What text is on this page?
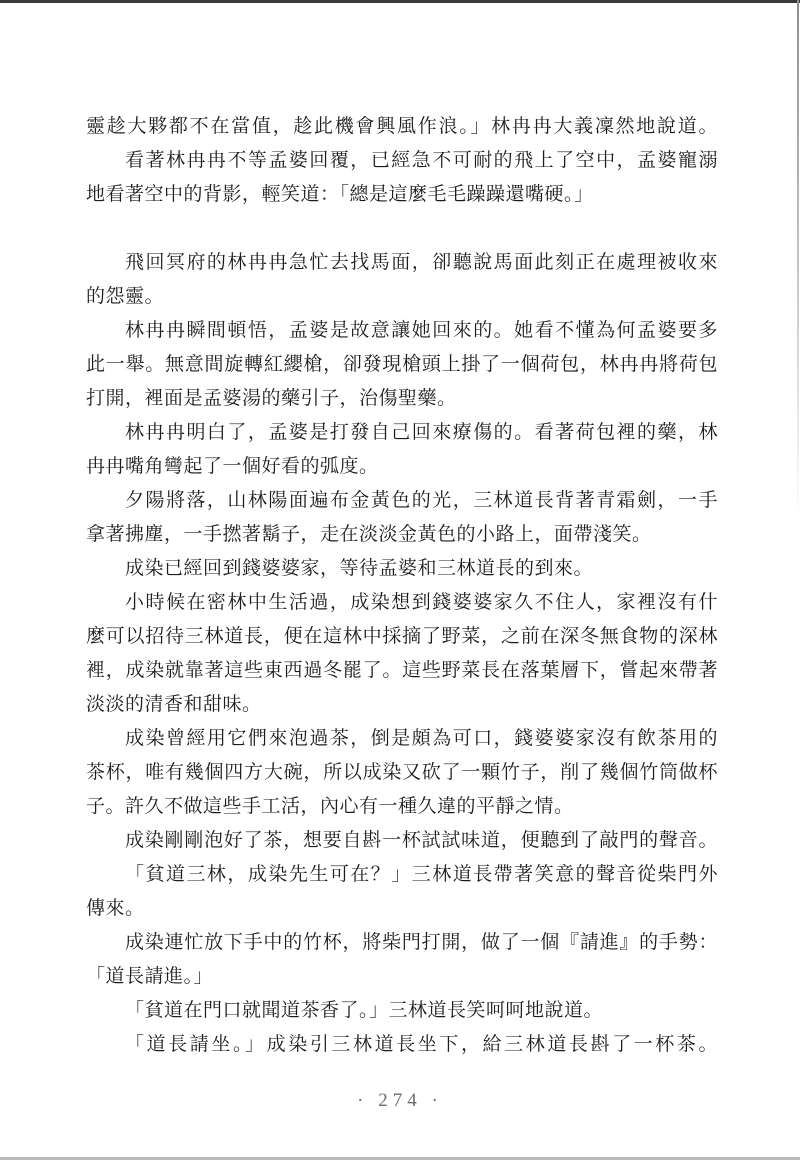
靈趁大夥都不在當值，趁此機會興風作浪。」林冉冉大義凜然地說道。
看著林冉冉不等孟婆回覆，已經急不可耐的飛上了空中，孟婆寵溺
地看著空中的背影，輕笑道：「總是這麼毛毛躁躁還嘴硬。」
飛回冥府的林冉冉急忙去找馬面，卻聽說馬面此刻正在處理被收來
的怨靈。
林冉冉瞬間頓悟，孟婆是故意讓她回來的。她看不懂為何孟婆要多
此一舉。無意間旋轉紅纓槍，卻發現槍頭上掛了一個荷包，林冉冉將荷包
打開，裡面是孟婆湯的藥引子，治傷聖藥。
林冉冉明白了，孟婆是打發自己回來療傷的。看著荷包裡的藥，林
冉冉嘴角彎起了一個好看的弧度。
夕陽將落，山林陽面遍布金黃色的光，三林道長背著青霜劍，一手
拿著拂塵，一手撚著鬍子，走在淡淡金黃色的小路上，面帶淺笑。
成染已經回到錢婆婆家，等待孟婆和三林道長的到來。
小時候在密林中生活過，成染想到錢婆婆家久不住人，家裡沒有什
麼可以招待三林道長，便在這林中採摘了野菜，之前在深冬無食物的深林
裡，成染就靠著這些東西過冬罷了。這些野菜長在落葉層下，嘗起來帶著
淡淡的清香和甜味。
成染曾經用它們來泡過茶，倒是頗為可口，錢婆婆家沒有飲茶用的
茶杯，唯有幾個四方大碗，所以成染又砍了一顆竹子，削了幾個竹筒做杯
子。許久不做這些手工活，內心有一種久違的平靜之情。
成染剛剛泡好了茶，想要自斟一杯試試味道，便聽到了敲門的聲音。
「貧道三林，成染先生可在？」三林道長帶著笑意的聲音從柴門外
傳來。
成染連忙放下手中的竹杯，將柴門打開，做了一個『請進』的手勢：
「道長請進。」
「貧道在門口就聞道茶香了。」三林道長笑呵呵地說道。
「道長請坐。」成染引三林道長坐下，給三林道長斟了一杯茶。
· 274 ·
